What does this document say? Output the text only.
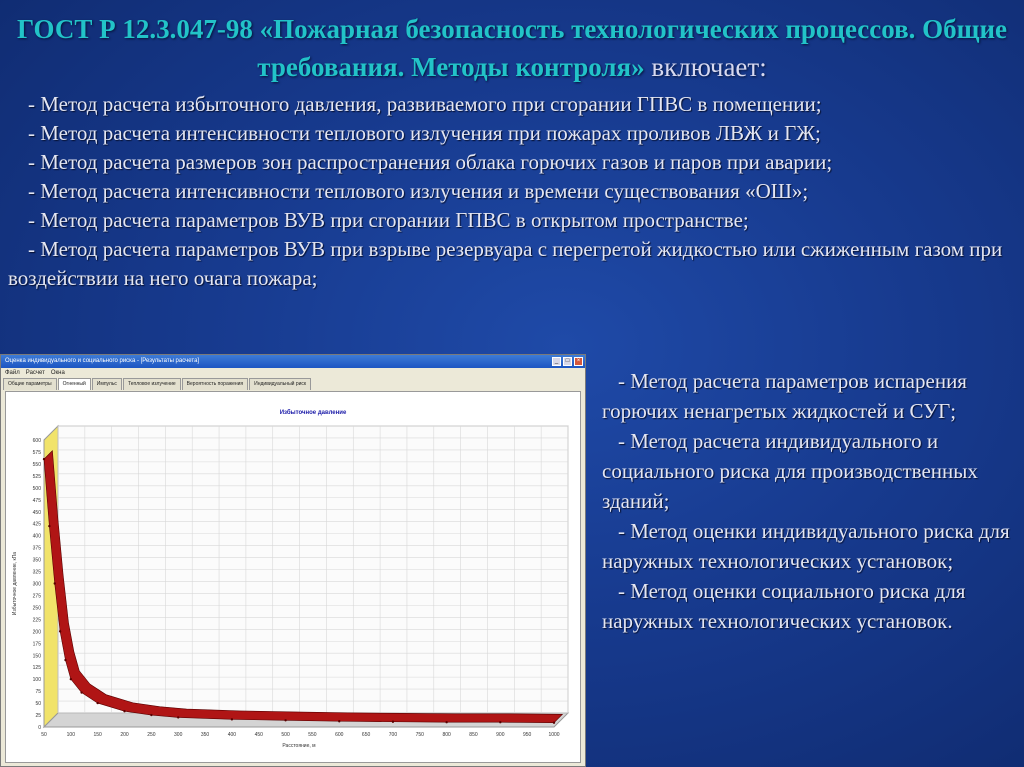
ГОСТ Р 12.3.047-98 «Пожарная безопасность технологических процессов. Общие требования. Методы контроля» включает:
- Метод расчета избыточного давления, развиваемого при сгорании ГПВС в помещении;
- Метод расчета интенсивности теплового излучения при пожарах проливов ЛВЖ и ГЖ;
- Метод расчета размеров зон распространения облака горючих газов и паров при аварии;
- Метод расчета интенсивности теплового излучения и времени существования «ОШ»;
- Метод расчета параметров ВУВ при сгорании ГПВС в открытом пространстве;
- Метод расчета параметров ВУВ при взрыве резервуара с перегретой жидкостью или сжиженным газом при воздействии на него очага пожара;
Оценка индивидуального и социального риска - [Результаты расчета]	_	□	×
Файл Расчет Окна
Общие параметры	Огненный	Импульс	Тепловое излучение	Вероятность поражения	Индивидуальный риск
0
25
50
75
100
125
150
175
200
225
250
275
300
325
350
375
400
425
450
475
500
525
550
575
600
50	100	150	200	250	300	350	400	450	500	550	600	650	700	750	800	850	900	950	1000
Избыточное давление
Расстояние, м
Избыточное давление, кПа
- Метод расчета параметров испарения горючих ненагретых жидкостей и СУГ;
- Метод расчета индивидуального и социального риска для производственных зданий;
- Метод оценки индивидуального риска для наружных технологических установок;
- Метод оценки социального риска для наружных технологических установок.
